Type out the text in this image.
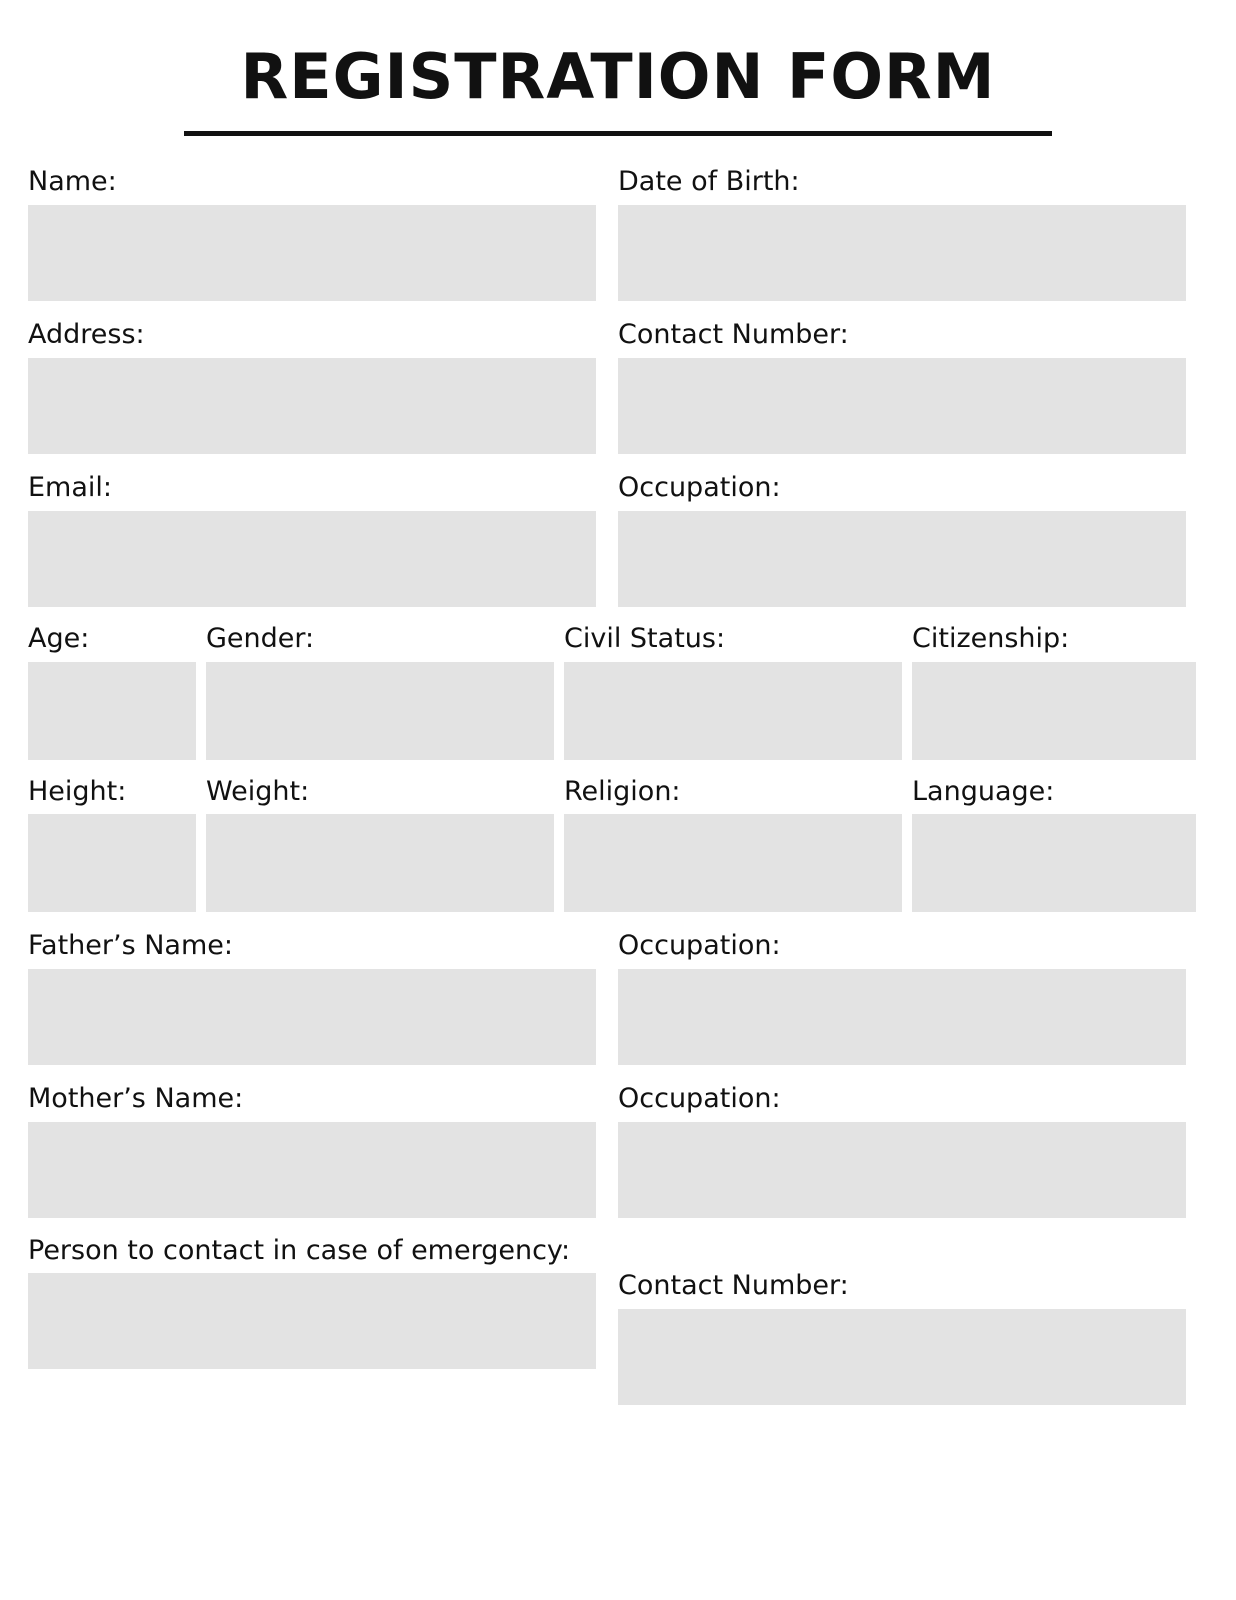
REGISTRATION FORM
Name:	Date of Birth:
Address:	Contact Number:
Email:	Occupation:
Age:	Gender:	Civil Status:	Citizenship:
Height:	Weight:	Religion:	Language:
Father’s Name:	Occupation:
Mother’s Name:	Occupation:
Person to contact in case of emergency:
Contact Number:
